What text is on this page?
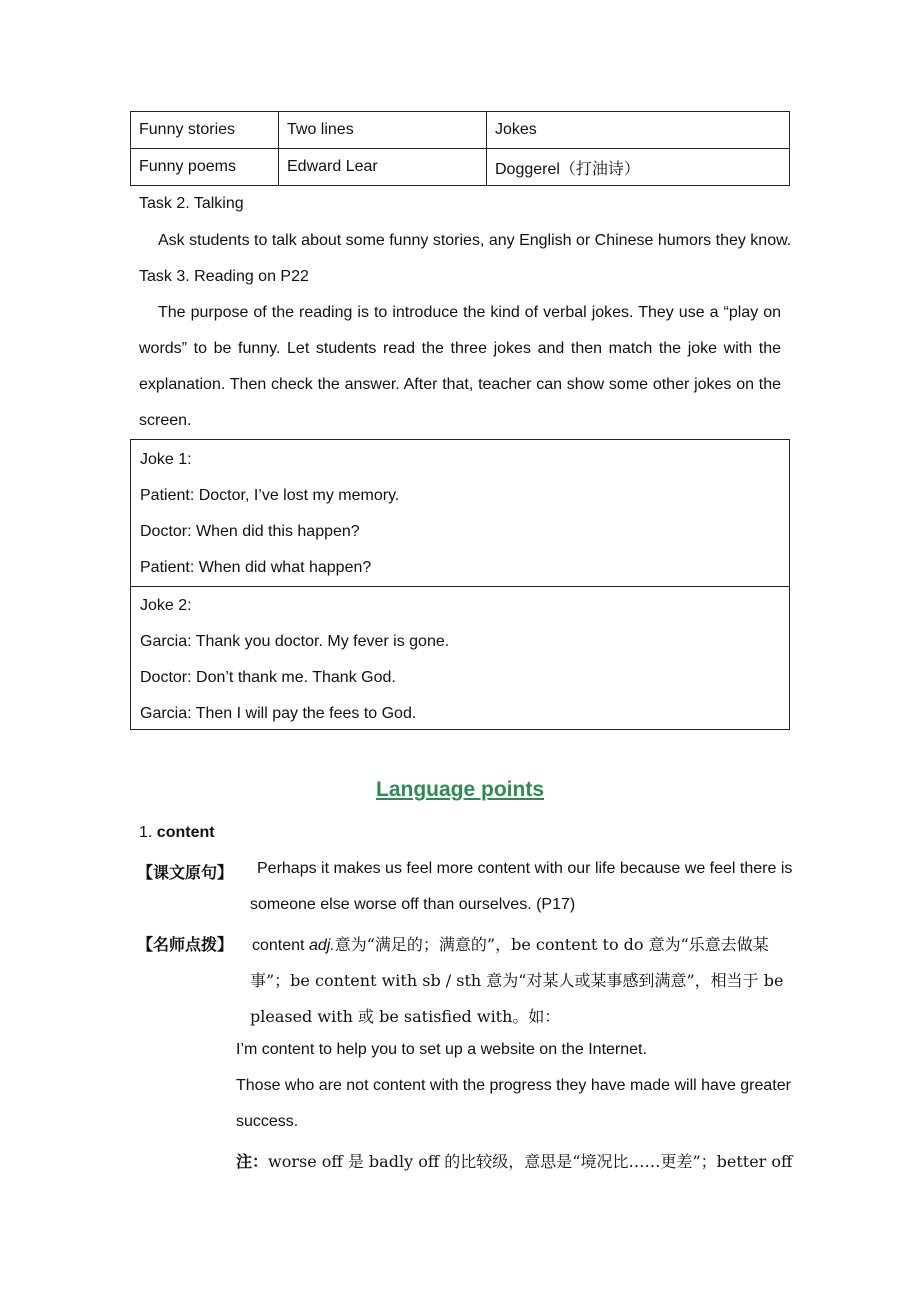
Funny stories	Two lines	Jokes
Funny poems	Edward Lear	Doggerel（打油诗）
Task 2. Talking
Ask students to talk about some funny stories, any English or Chinese humors they know.
Task 3. Reading on P22
The purpose of the reading is to introduce the kind of verbal jokes. They use a “play on
words” to be funny. Let students read the three jokes and then match the joke with the
explanation. Then check the answer. After that, teacher can show some other jokes on the
screen.
Joke 1:
Patient: Doctor, I’ve lost my memory.
Doctor: When did this happen?
Patient: When did what happen?
Joke 2:
Garcia: Thank you doctor. My fever is gone.
Doctor: Don’t thank me. Thank God.
Garcia: Then I will pay the fees to God.
Language points
1. content
【课文原句】 Perhaps it makes us feel more content with our life because we feel there is
someone else worse off than ourselves. (P17)
【名师点拨】 content adj.意为“满足的；满意的”，be content to do 意为“乐意去做某
事”；be content with sb / sth 意为“对某人或某事感到满意”，相当于 be
pleased with 或 be satisfied with。如：
I’m content to help you to set up a website on the Internet.
Those who are not content with the progress they have made will have greater
success.
注：worse off 是 badly off 的比较级，意思是“境况比……更差”；better off
